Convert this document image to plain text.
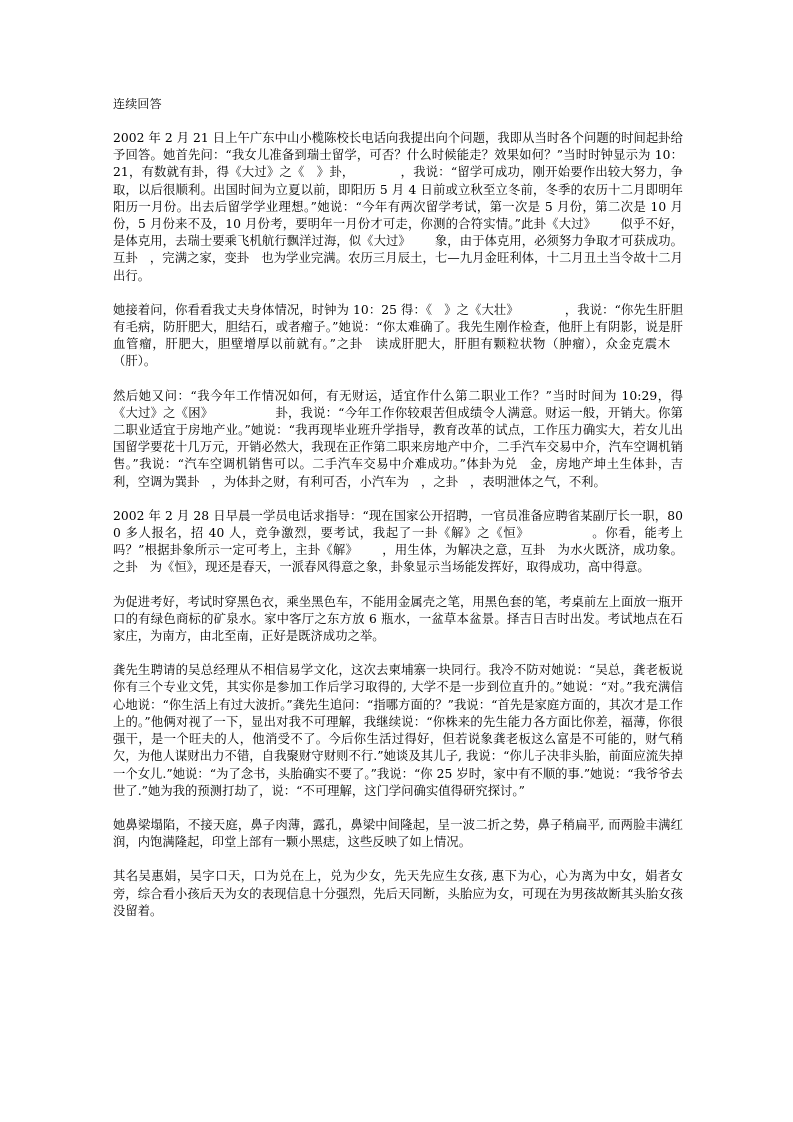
连续回答
2002 年 2 月 21 日上午广东中山小榄陈校长电话向我提出向个问题，我即从当时各个问题的时间起卦给予回答。她首先问：“我女儿准备到瑞士留学，可否？什么时候能走？效果如何？”当时时钟显示为 10：21，有数就有卦，得《大过》之《 》卦，	，我说：“留学可成功，刚开始要作出较大努力，争取，以后很顺利。出国时间为立夏以前，即阳历 5 月 4 日前或立秋至立冬前，冬季的农历十二月即明年阳历一月份。出去后留学学业理想。”她说：“今年有两次留学考试，第一次是 5 月份，第二次是 10 月份，5 月份来不及，10 月份考，要明年一月份才可走，你测的合符实情。”此卦《大过》 似乎不好，是体克用，去瑞士要乘飞机航行飘洋过海，似《大过》 象，由于体克用，必须努力争取才可获成功。互卦 ，完满之家，变卦 也为学业完满。农历三月辰土，七—九月金旺利体，十二月丑土当令故十二月出行。
她接着问，你看看我丈夫身体情况，时钟为 10：25 得：《 》之《大壮》	，我说：“你先生肝胆有毛病，防肝肥大，胆结石，或者瘤子。”她说：“你太难确了。我先生刚作检查，他肝上有阴影，说是肝血管瘤，肝肥大，胆壁增厚以前就有。”之卦 读成肝肥大，肝胆有颗粒状物（肿瘤），众金克震木 （肝）。
然后她又问：“我今年工作情况如何，有无财运，适宜作什么第二职业工作？”当时时间为 10:29，得《大过》之《困》	卦，我说：“今年工作你较艰苦但成绩令人满意。财运一般，开销大。你第二职业适宜于房地产业。”她说：“我再现毕业班升学指导，教育改革的试点，工作压力确实大，若女儿出国留学要花十几万元，开销必然大，我现在正作第二职来房地产中介，二手汽车交易中介，汽车空调机销售。”我说：“汽车空调机销售可以。二手汽车交易中介难成功。”体卦为兑 金，房地产坤土生体卦，吉利，空调为巽卦 ，为体卦之财，有利可否，小汽车为 ，之卦 ，表明泄体之气，不利。
2002 年 2 月 28 日早晨一学员电话求指导：“现在国家公开招聘，一官员准备应聘省某副厅长一职，800 多人报名，招 40 人，竞争激烈，要考试，我起了一卦《解》之《恒》	。你看，能考上吗？”根据卦象所示一定可考上，主卦《解》 ，用生体，为解决之意，互卦 为水火既济，成功象。之卦 为《恒》，现还是春天，一派春风得意之象，卦象显示当场能发挥好，取得成功，高中得意。
为促进考好，考试时穿黑色衣，乘坐黑色车，不能用金属壳之笔，用黑色套的笔，考桌前左上面放一瓶开口的有绿色商标的矿泉水。家中客厅之东方放 6 瓶水，一盆草本盆景。择吉日吉时出发。考试地点在石家庄，为南方，由北至南，正好是既济成功之举。
龚先生聘请的吴总经理从不相信易学文化，这次去柬埔寨一块同行。我冷不防对她说：“吴总，龚老板说你有三个专业文凭，其实你是参加工作后学习取得的, 大学不是一步到位直升的。”她说：“对。”我充满信心地说：“你生活上有过大波折。”龚先生追问：“指哪方面的？”我说：“首先是家庭方面的，其次才是工作上的。”他俩对视了一下，显出对我不可理解，我继续说：“你株来的先生能力各方面比你差，福薄，你很强干，是一个旺夫的人，他消受不了。今后你生活过得好，但若说象龚老板这么富是不可能的，财气稍欠，为他人谋财出力不错，自我聚财守财则不行.”她谈及其儿子, 我说：“你儿子决非头胎，前面应流失掉一个女儿.”她说：“为了念书，头胎确实不要了。”我说：“你 25 岁时，家中有不顺的事.”她说：“我爷爷去世了.”她为我的预测打劫了，说：“不可理解，这门学问确实值得研究探讨。”
她鼻梁塌陷，不接天庭，鼻子肉薄，露孔，鼻梁中间隆起，呈一波二折之势，鼻子稍扁平, 而两脸丰满红润，内饱满隆起，印堂上部有一颗小黑痣，这些反映了如上情况。
其名吴惠娟，吴字口天，口为兑在上，兑为少女，先天先应生女孩, 惠下为心，心为离为中女，娟者女旁，综合看小孩后天为女的表现信息十分强烈，先后天同断，头胎应为女，可现在为男孩故断其头胎女孩没留着。
